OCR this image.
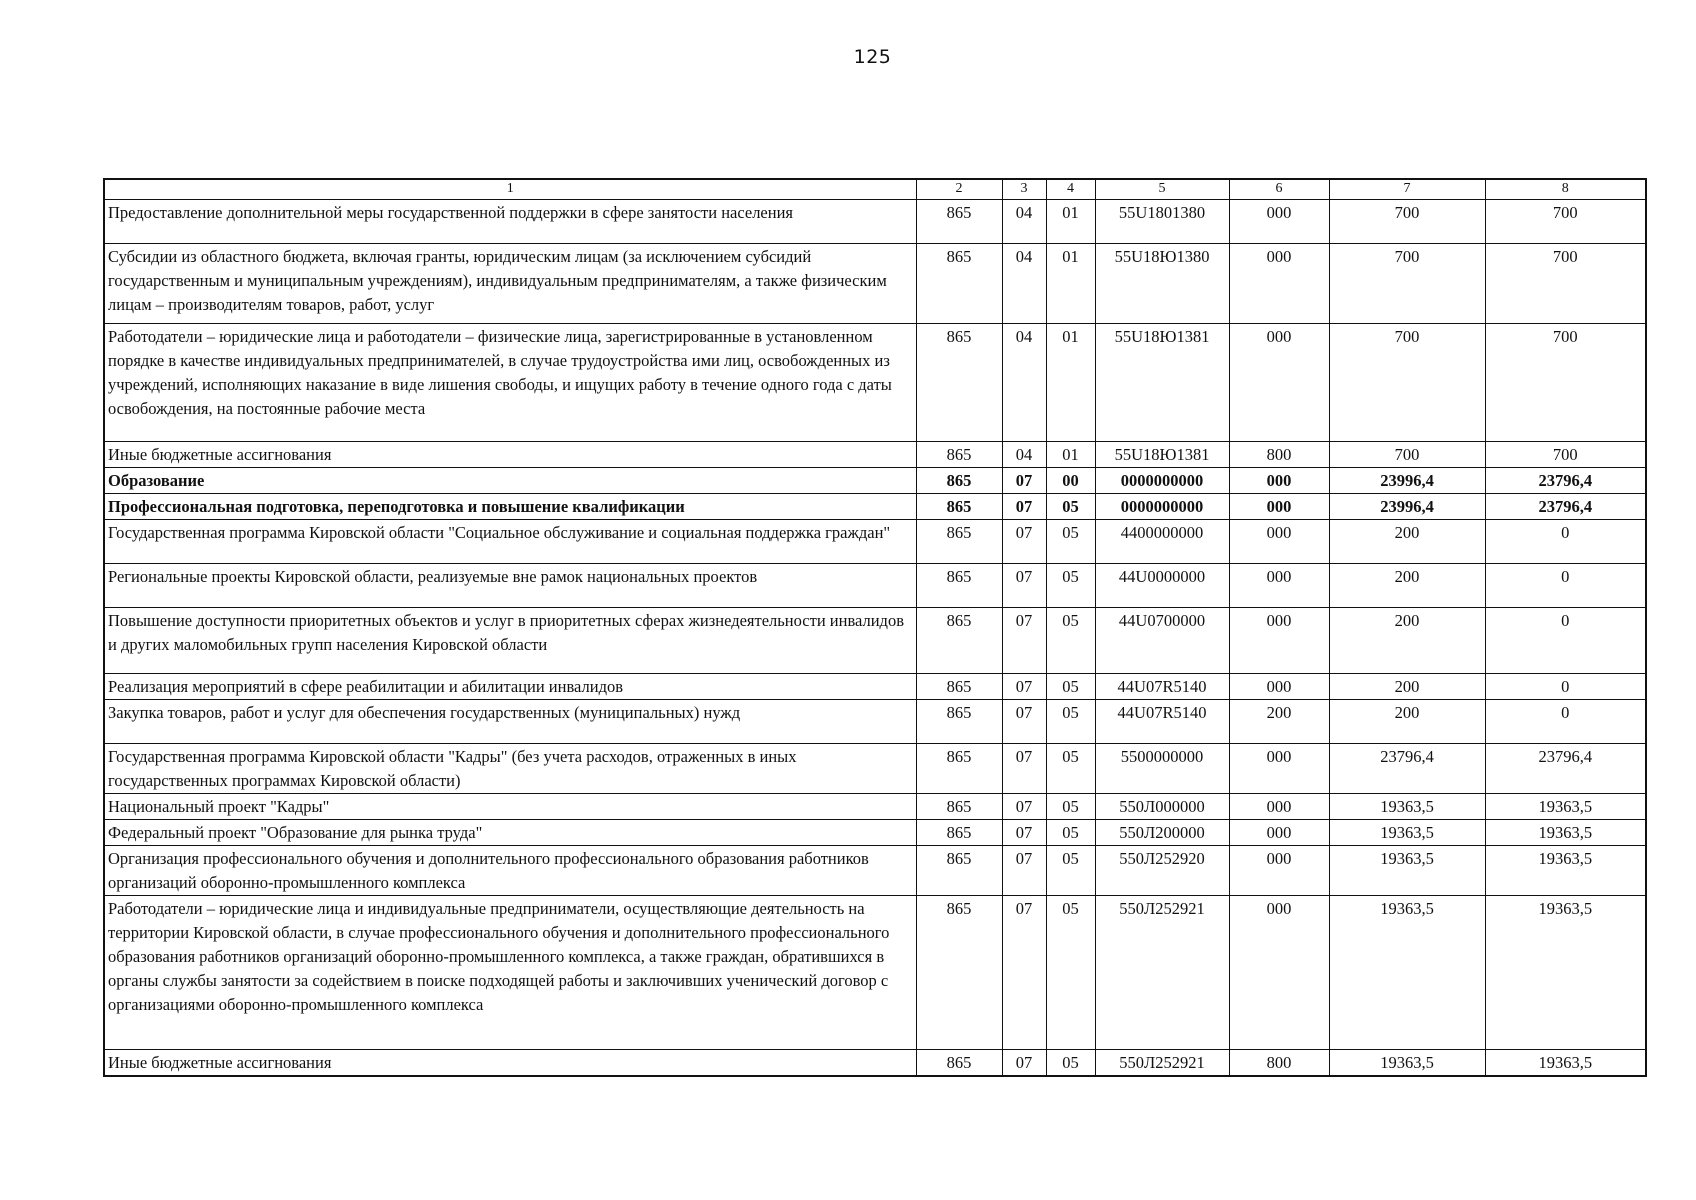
125
1	2	3	4	5	6	7	8
Предоставление дополнительной меры государственной поддержки в сфере занятости населения	865	04	01	55U1801380	000	700	700
Субсидии из областного бюджета, включая гранты, юридическим лицам (за исключением субсидий государственным и муниципальным учреждениям), индивидуальным предпринимателям, а также физическим лицам – производителям товаров, работ, услуг	865	04	01	55U18Ю1380	000	700	700
Работодатели – юридические лица и работодатели – физические лица, зарегистрированные в установленном порядке в качестве индивидуальных предпринимателей, в случае трудоустройства ими лиц, освобожденных из учреждений, исполняющих наказание в виде лишения свободы, и ищущих работу в течение одного года с даты освобождения, на постоянные рабочие места	865	04	01	55U18Ю1381	000	700	700
Иные бюджетные ассигнования	865	04	01	55U18Ю1381	800	700	700
Образование	865	07	00	0000000000	000	23996,4	23796,4
Профессиональная подготовка, переподготовка и повышение квалификации	865	07	05	0000000000	000	23996,4	23796,4
Государственная программа Кировской области "Социальное обслуживание и социальная поддержка граждан"	865	07	05	4400000000	000	200	0
Региональные проекты Кировской области, реализуемые вне рамок национальных проектов	865	07	05	44U0000000	000	200	0
Повышение доступности приоритетных объектов и услуг в приоритетных сферах жизнедеятельности инвалидов и других маломобильных групп населения Кировской области	865	07	05	44U0700000	000	200	0
Реализация мероприятий в сфере реабилитации и абилитации инвалидов	865	07	05	44U07R5140	000	200	0
Закупка товаров, работ и услуг для обеспечения государственных (муниципальных) нужд	865	07	05	44U07R5140	200	200	0
Государственная программа Кировской области "Кадры" (без учета расходов, отраженных в иных государственных программах Кировской области)	865	07	05	5500000000	000	23796,4	23796,4
Национальный проект "Кадры"	865	07	05	550Л000000	000	19363,5	19363,5
Федеральный проект "Образование для рынка труда"	865	07	05	550Л200000	000	19363,5	19363,5
Организация профессионального обучения и дополнительного профессионального образования работников организаций оборонно-промышленного комплекса	865	07	05	550Л252920	000	19363,5	19363,5
Работодатели – юридические лица и индивидуальные предприниматели, осуществляющие деятельность на территории Кировской области, в случае профессионального обучения и дополнительного профессионального образования работников организаций оборонно-промышленного комплекса, а также граждан, обратившихся в органы службы занятости за содействием в поиске подходящей работы и заключивших ученический договор с организациями оборонно-промышленного комплекса	865	07	05	550Л252921	000	19363,5	19363,5
Иные бюджетные ассигнования	865	07	05	550Л252921	800	19363,5	19363,5
